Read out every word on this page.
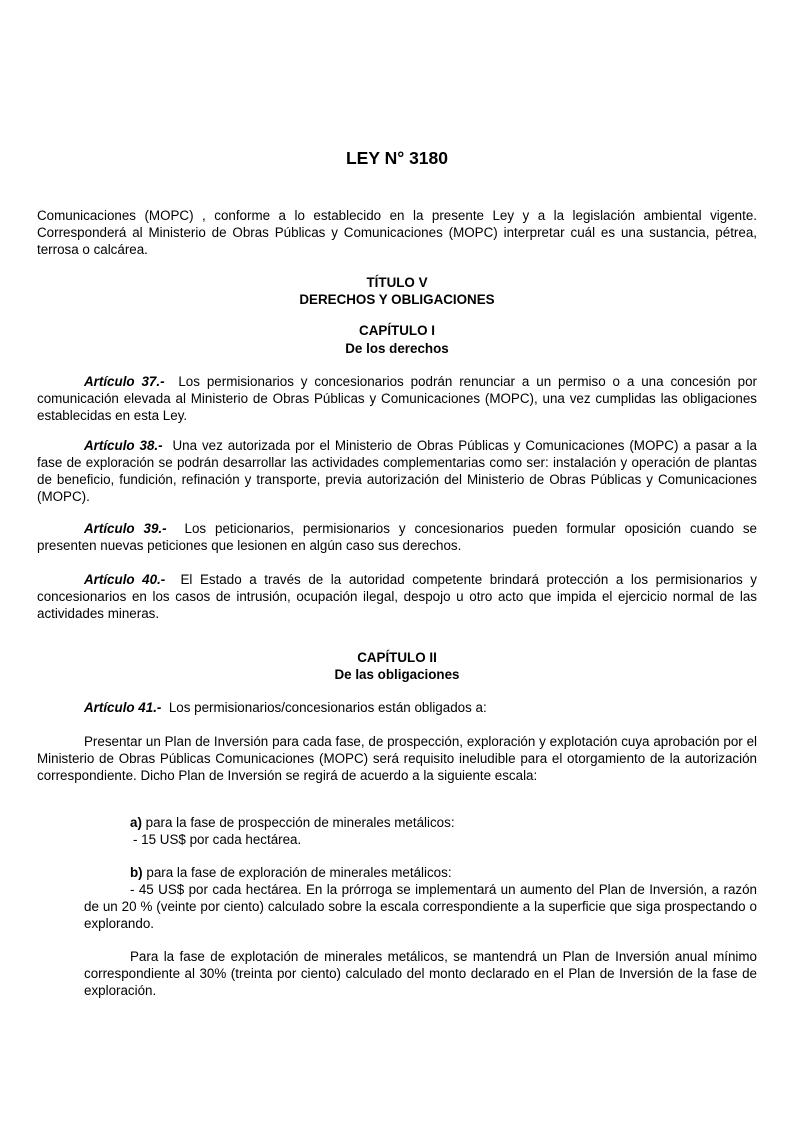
LEY N° 3180

Comunicaciones (MOPC) , conforme a lo establecido en la presente Ley y a la legislación ambiental vigente. Corresponderá al Ministerio de Obras Públicas y Comunicaciones (MOPC) interpretar cuál es una sustancia, pétrea, terrosa o calcárea.

TÍTULO V
DERECHOS Y OBLIGACIONES
CAPÍTULO I
De los derechos

Artículo 37.- Los permisionarios y concesionarios podrán renunciar a un permiso o a una concesión por comunicación elevada al Ministerio de Obras Públicas y Comunicaciones (MOPC), una vez cumplidas las obligaciones establecidas en esta Ley.

Artículo 38.- Una vez autorizada por el Ministerio de Obras Públicas y Comunicaciones (MOPC) a pasar a la fase de exploración se podrán desarrollar las actividades complementarias como ser: instalación y operación de plantas de beneficio, fundición, refinación y transporte, previa autorización del Ministerio de Obras Públicas y Comunicaciones (MOPC).

Artículo 39.- Los peticionarios, permisionarios y concesionarios pueden formular oposición cuando se presenten nuevas peticiones que lesionen en algún caso sus derechos.

Artículo 40.- El Estado a través de la autoridad competente brindará protección a los permisionarios y concesionarios en los casos de intrusión, ocupación ilegal, despojo u otro acto que impida el ejercicio normal de las actividades mineras.

CAPÍTULO II
De las obligaciones

Artículo 41.- Los permisionarios/concesionarios están obligados a:

Presentar un Plan de Inversión para cada fase, de prospección, exploración y explotación cuya aprobación por el Ministerio de Obras Públicas Comunicaciones (MOPC) será requisito ineludible para el otorgamiento de la autorización correspondiente. Dicho Plan de Inversión se regirá de acuerdo a la siguiente escala:

a) para la fase de prospección de minerales metálicos:
- 15 US$ por cada hectárea.
b) para la fase de exploración de minerales metálicos:

- 45 US$ por cada hectárea. En la prórroga se implementará un aumento del Plan de Inversión, a razón de un 20 % (veinte por ciento) calculado sobre la escala correspondiente a la superficie que siga prospectando o explorando.

Para la fase de explotación de minerales metálicos, se mantendrá un Plan de Inversión anual mínimo correspondiente al 30% (treinta por ciento) calculado del monto declarado en el Plan de Inversión de la fase de exploración.
